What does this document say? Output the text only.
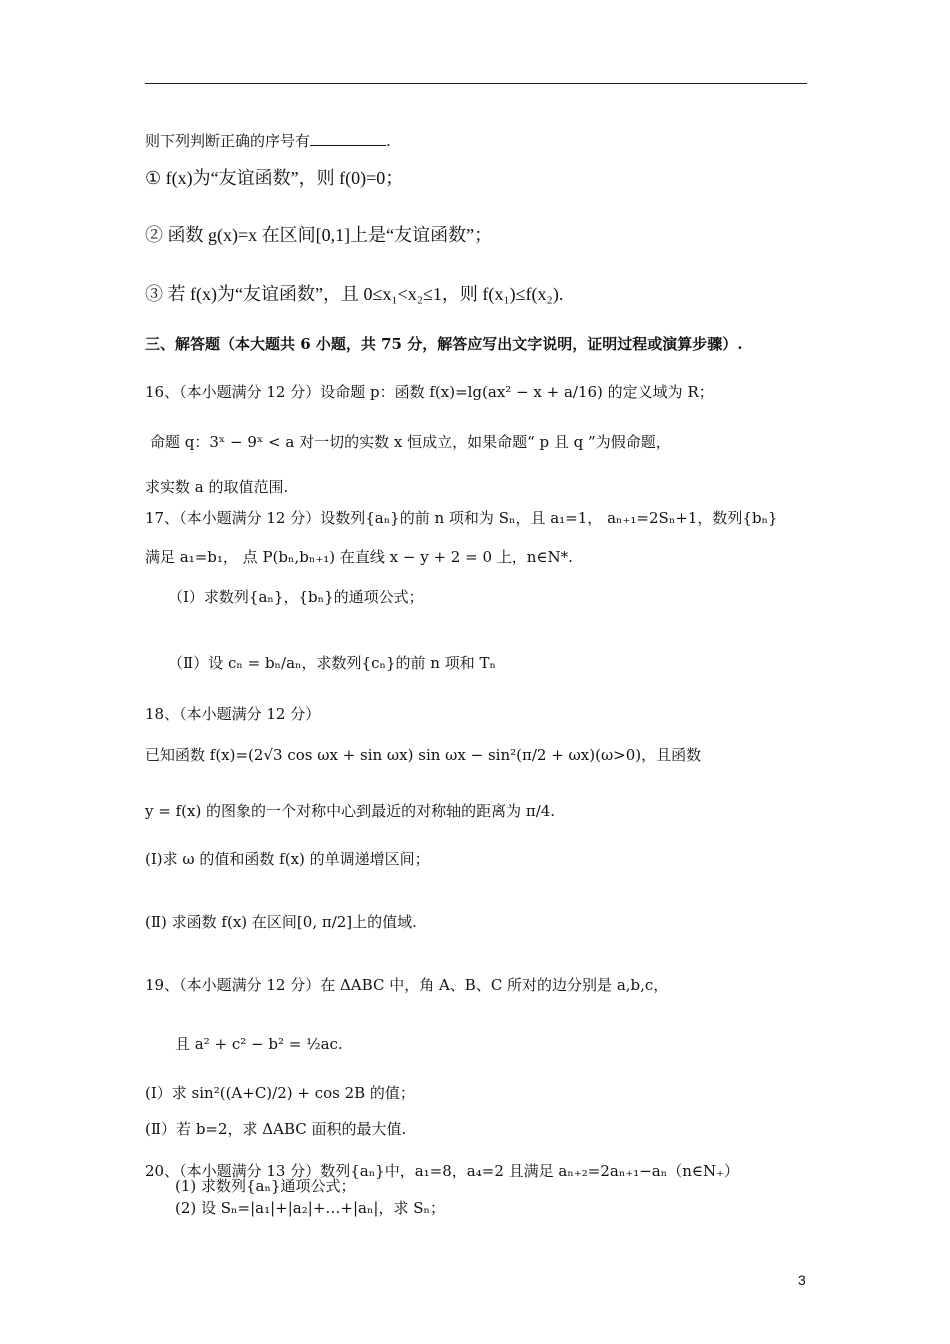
则下列判断正确的序号有	.
① f(x)为“友谊函数”，则 f(0)=0；
② 函数 g(x)=x 在区间[0,1]上是“友谊函数”；
③ 若 f(x)为“友谊函数”，且 0≤x₁<x₂≤1，则 f(x₁)≤f(x₂).
三、解答题（本大题共 6 小题，共 75 分，解答应写出文字说明，证明过程或演算步骤）.
16、（本小题满分 12 分）设命题 p：函数 f(x)=lg(ax² − x + a/16) 的定义域为 R；
命题 q：3ˣ − 9ˣ < a 对一切的实数 x 恒成立，如果命题“ p 且 q ”为假命题，
求实数 a 的取值范围.
17、（本小题满分 12 分）设数列{aₙ}的前 n 项和为 Sₙ，且 a₁=1， aₙ₊₁=2Sₙ+1，数列{bₙ}
满足 a₁=b₁， 点 P(bₙ,bₙ₊₁) 在直线 x − y + 2 = 0 上，n∈N*.
（Ⅰ）求数列{aₙ}，{bₙ}的通项公式；
（Ⅱ）设 cₙ = bₙ/aₙ，求数列{cₙ}的前 n 项和 Tₙ
18、（本小题满分 12 分）
已知函数 f(x)=(2√3 cos ωx + sin ωx) sin ωx − sin²(π/2 + ωx)(ω>0)，且函数
y = f(x) 的图象的一个对称中心到最近的对称轴的距离为 π/4.
(Ⅰ)求 ω 的值和函数 f(x) 的单调递增区间；
(Ⅱ) 求函数 f(x) 在区间[0, π/2]上的值域.
19、（本小题满分 12 分）在 ΔABC 中，角 A、B、C 所对的边分别是 a,b,c，
且 a² + c² − b² = ½ac.
(Ⅰ）求 sin²((A+C)/2) + cos 2B 的值；
(Ⅱ）若 b=2，求 ΔABC 面积的最大值.
20、（本小题满分 13 分）数列{aₙ}中，a₁=8，a₄=2 且满足 aₙ₊₂=2aₙ₊₁−aₙ（n∈N₊）
(1) 求数列{aₙ}通项公式；
(2) 设 Sₙ=|a₁|+|a₂|+…+|aₙ|，求 Sₙ；
3
